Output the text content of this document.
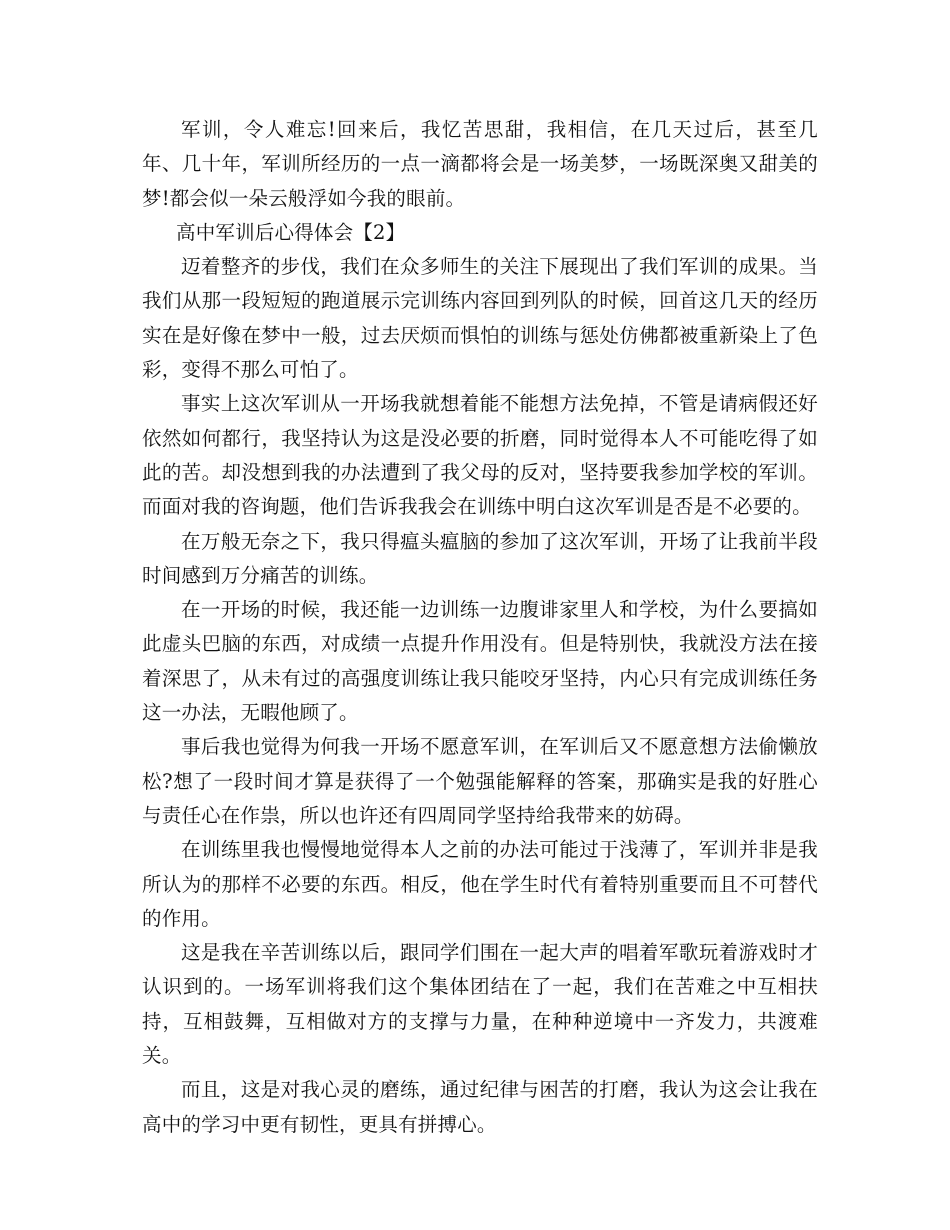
军训，令人难忘!回来后，我忆苦思甜，我相信，在几天过后，甚至几年、几十年，军训所经历的一点一滴都将会是一场美梦，一场既深奥又甜美的梦!都会似一朵云般浮如今我的眼前。

高中军训后心得体会【2】

迈着整齐的步伐，我们在众多师生的关注下展现出了我们军训的成果。当我们从那一段短短的跑道展示完训练内容回到列队的时候，回首这几天的经历实在是好像在梦中一般，过去厌烦而惧怕的训练与惩处仿佛都被重新染上了色彩，变得不那么可怕了。

事实上这次军训从一开场我就想着能不能想方法免掉，不管是请病假还好依然如何都行，我坚持认为这是没必要的折磨，同时觉得本人不可能吃得了如此的苦。却没想到我的办法遭到了我父母的反对，坚持要我参加学校的军训。而面对我的咨询题，他们告诉我我会在训练中明白这次军训是否是不必要的。

在万般无奈之下，我只得瘟头瘟脑的参加了这次军训，开场了让我前半段时间感到万分痛苦的训练。

在一开场的时候，我还能一边训练一边腹诽家里人和学校，为什么要搞如此虚头巴脑的东西，对成绩一点提升作用没有。但是特别快，我就没方法在接着深思了，从未有过的高强度训练让我只能咬牙坚持，内心只有完成训练任务这一办法，无暇他顾了。

事后我也觉得为何我一开场不愿意军训，在军训后又不愿意想方法偷懒放松?想了一段时间才算是获得了一个勉强能解释的答案，那确实是我的好胜心与责任心在作祟，所以也许还有四周同学坚持给我带来的妨碍。

在训练里我也慢慢地觉得本人之前的办法可能过于浅薄了，军训并非是我所认为的那样不必要的东西。相反，他在学生时代有着特别重要而且不可替代的作用。

这是我在辛苦训练以后，跟同学们围在一起大声的唱着军歌玩着游戏时才认识到的。一场军训将我们这个集体团结在了一起，我们在苦难之中互相扶持，互相鼓舞，互相做对方的支撑与力量，在种种逆境中一齐发力，共渡难关。

而且，这是对我心灵的磨练，通过纪律与困苦的打磨，我认为这会让我在高中的学习中更有韧性，更具有拼搏心。
